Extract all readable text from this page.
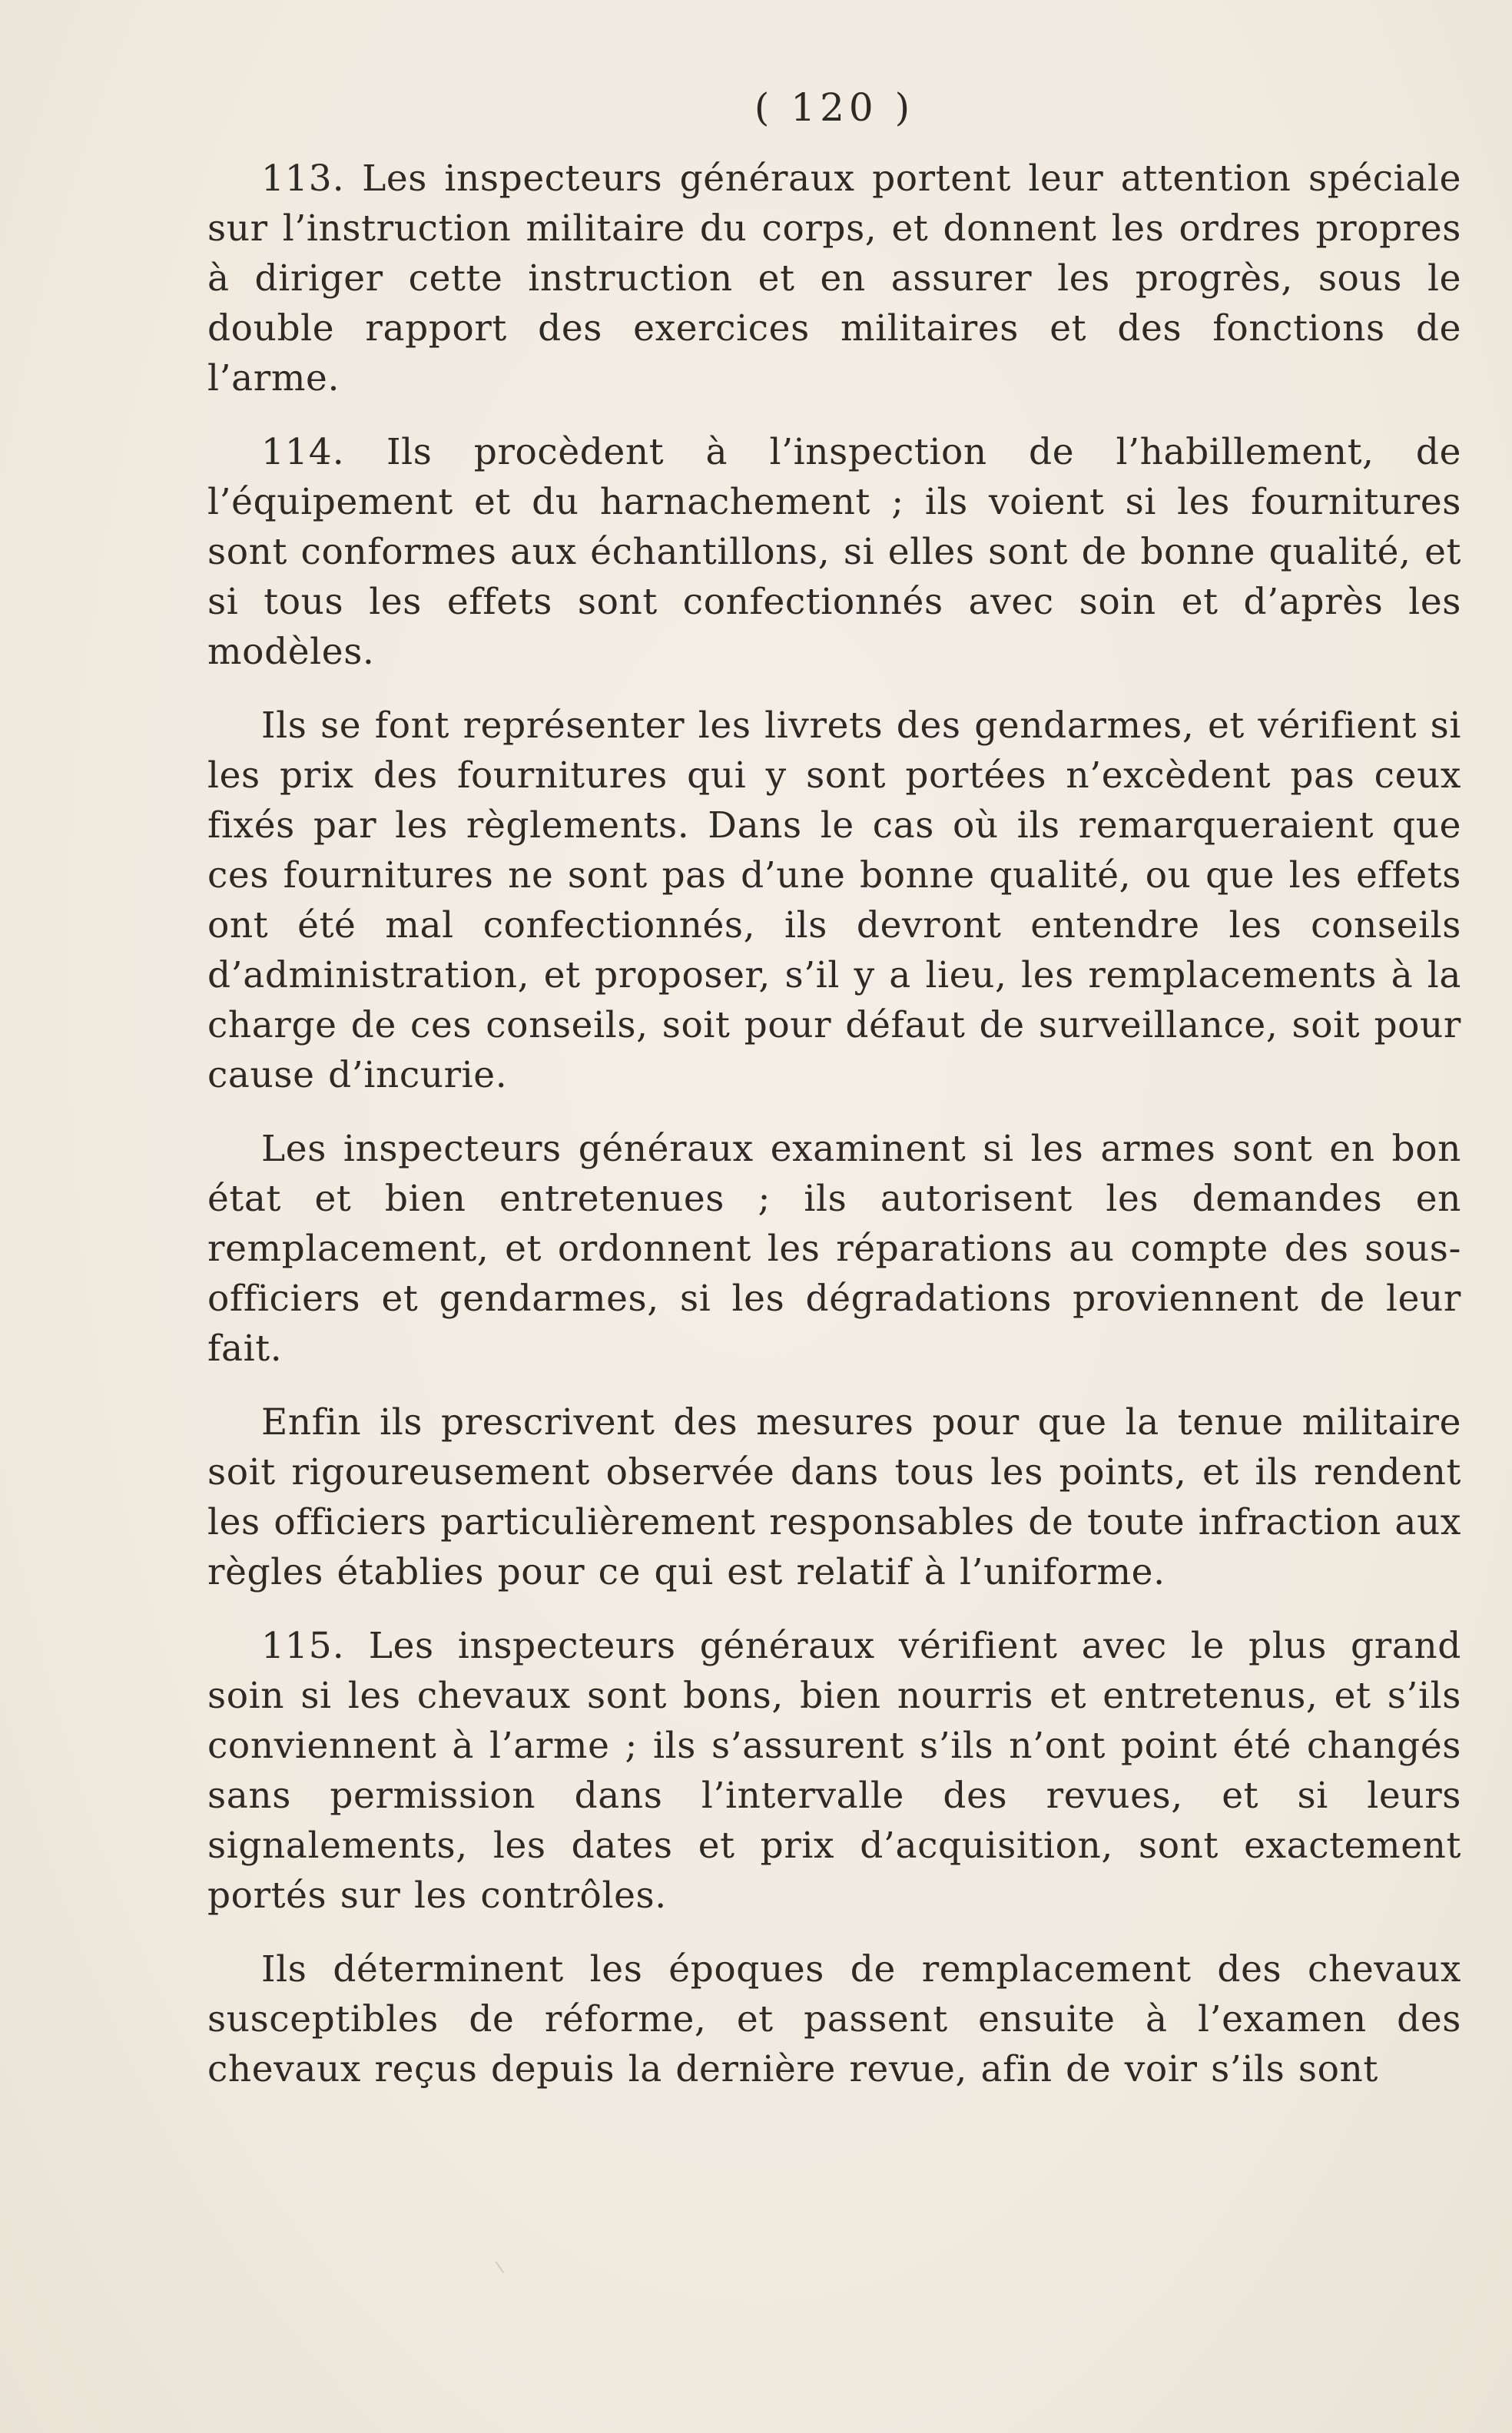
( 120 )

113. Les inspecteurs généraux portent leur attention spéciale sur l’instruction militaire du corps, et donnent les ordres propres à diriger cette instruction et en assurer les progrès, sous le double rapport des exercices militaires et des fonctions de l’arme.

114. Ils procèdent à l’inspection de l’habillement, de l’équipement et du harnachement ; ils voient si les fournitures sont conformes aux échantillons, si elles sont de bonne qualité, et si tous les effets sont confectionnés avec soin et d’après les modèles.

Ils se font représenter les livrets des gendarmes, et vérifient si les prix des fournitures qui y sont portées n’excèdent pas ceux fixés par les règlements. Dans le cas où ils remarqueraient que ces fournitures ne sont pas d’une bonne qualité, ou que les effets ont été mal confectionnés, ils devront entendre les conseils d’administration, et proposer, s’il y a lieu, les remplacements à la charge de ces conseils, soit pour défaut de surveillance, soit pour cause d’incurie.

Les inspecteurs généraux examinent si les armes sont en bon état et bien entretenues ; ils autorisent les demandes en remplacement, et ordonnent les réparations au compte des sous-officiers et gendarmes, si les dégradations proviennent de leur fait.

Enfin ils prescrivent des mesures pour que la tenue militaire soit rigoureusement observée dans tous les points, et ils rendent les officiers particulièrement responsables de toute infraction aux règles établies pour ce qui est relatif à l’uniforme.

115. Les inspecteurs généraux vérifient avec le plus grand soin si les chevaux sont bons, bien nourris et entretenus, et s’ils conviennent à l’arme ; ils s’assurent s’ils n’ont point été changés sans permission dans l’intervalle des revues, et si leurs signalements, les dates et prix d’acquisition, sont exactement portés sur les contrôles.

Ils déterminent les époques de remplacement des chevaux susceptibles de réforme, et passent ensuite à l’examen des chevaux reçus depuis la dernière revue, afin de voir s’ils sont
